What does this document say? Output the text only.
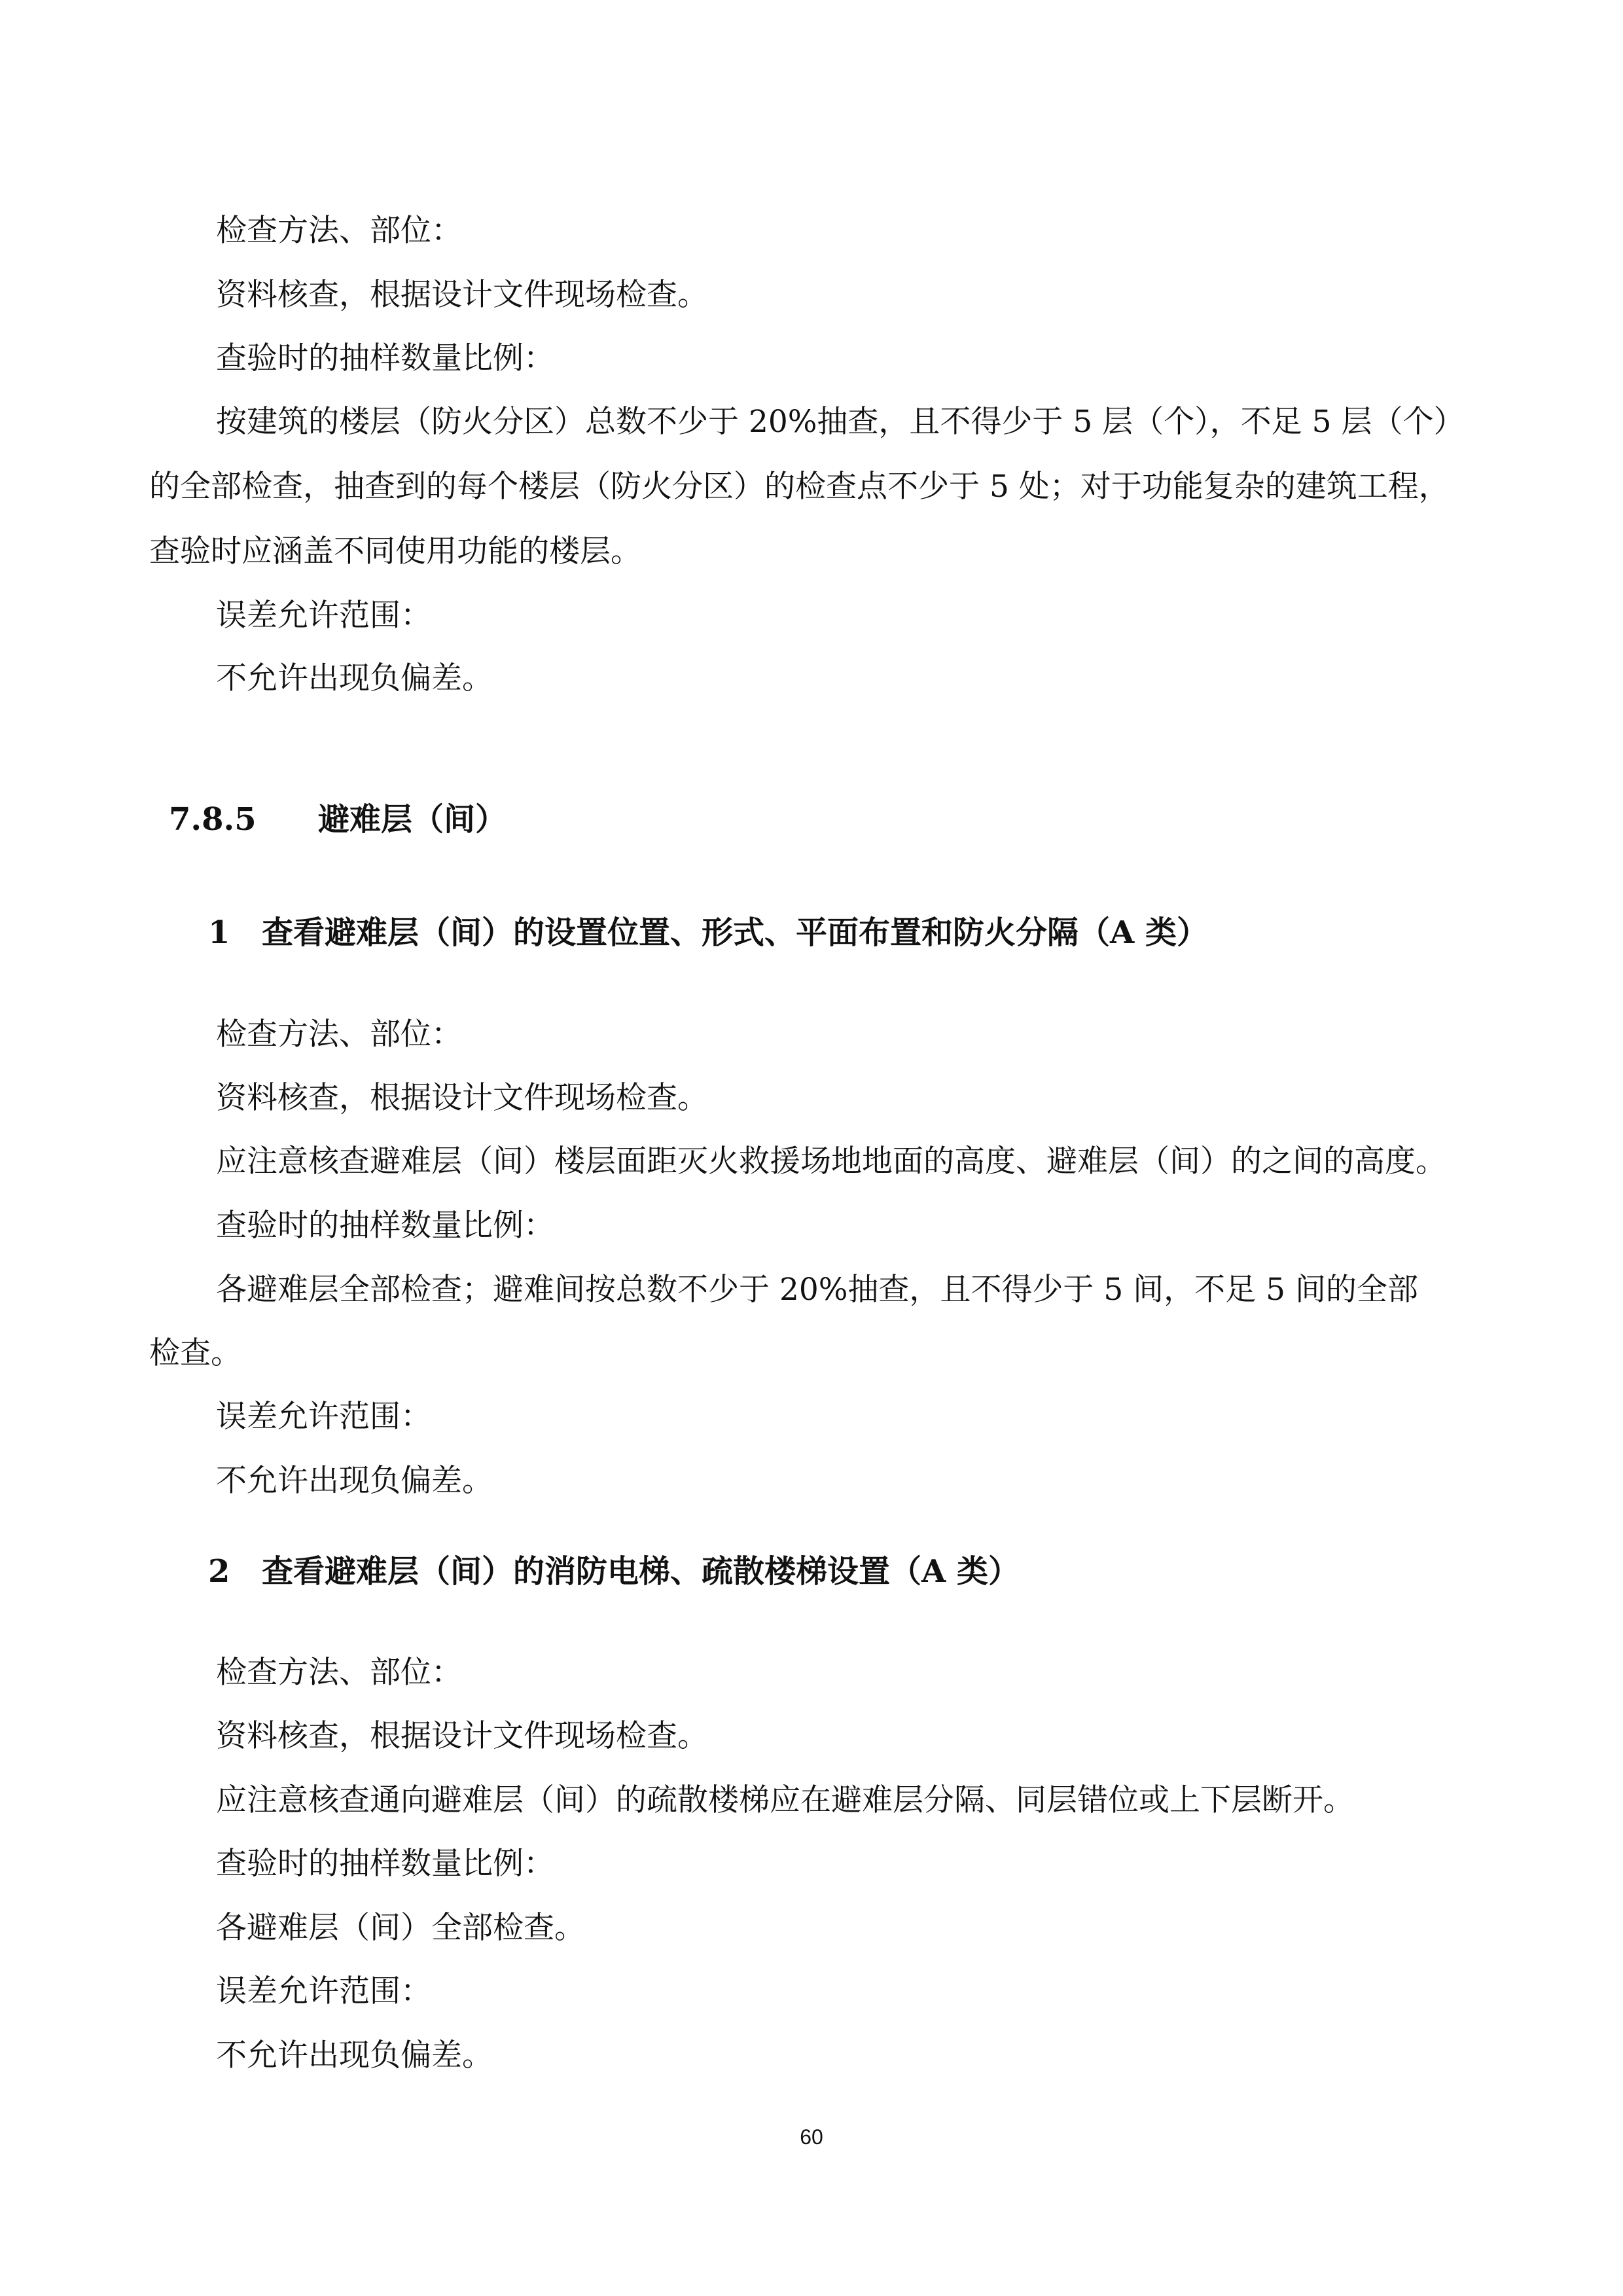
检查方法、部位：
资料核查，根据设计文件现场检查。
查验时的抽样数量比例：
按建筑的楼层（防火分区）总数不少于 20%抽查，且不得少于 5 层（个），不足 5 层（个）
的全部检查，抽查到的每个楼层（防火分区）的检查点不少于 5 处；对于功能复杂的建筑工程，
查验时应涵盖不同使用功能的楼层。
误差允许范围：
不允许出现负偏差。
7.8.5 避难层（间）
1 查看避难层（间）的设置位置、形式、平面布置和防火分隔（A 类）
检查方法、部位：
资料核查，根据设计文件现场检查。
应注意核查避难层（间）楼层面距灭火救援场地地面的高度、避难层（间）的之间的高度。
查验时的抽样数量比例：
各避难层全部检查；避难间按总数不少于 20%抽查，且不得少于 5 间，不足 5 间的全部
检查。
误差允许范围：
不允许出现负偏差。
2 查看避难层（间）的消防电梯、疏散楼梯设置（A 类）
检查方法、部位：
资料核查，根据设计文件现场检查。
应注意核查通向避难层（间）的疏散楼梯应在避难层分隔、同层错位或上下层断开。
查验时的抽样数量比例：
各避难层（间）全部检查。
误差允许范围：
不允许出现负偏差。
60
